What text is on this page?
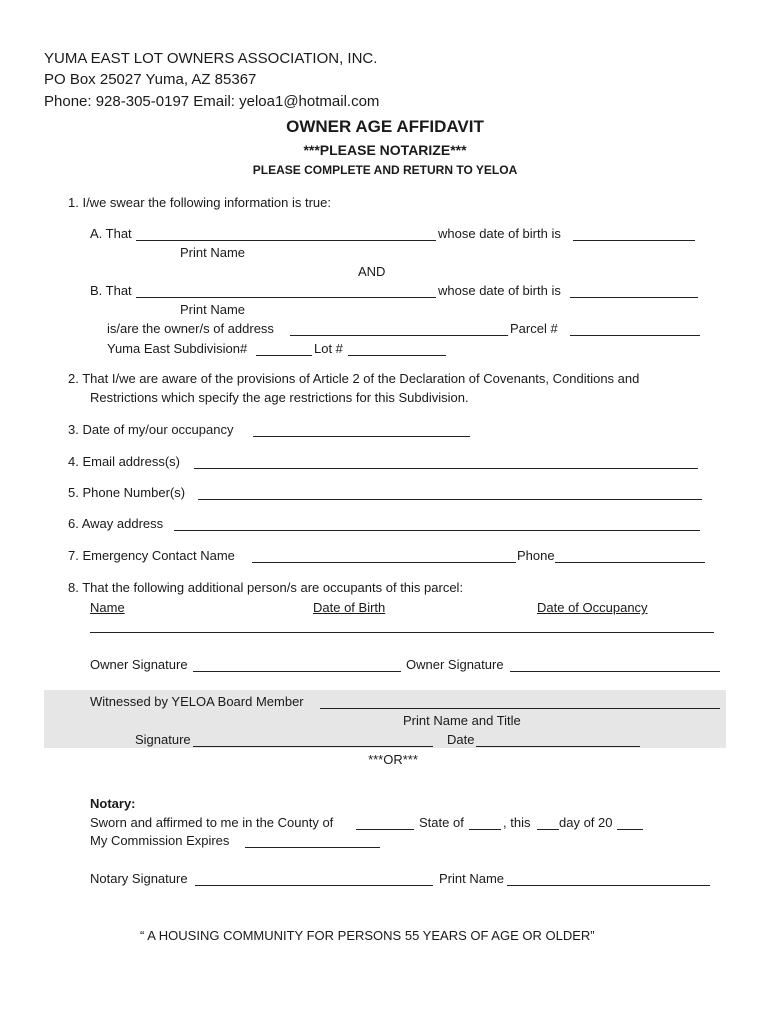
YUMA EAST LOT OWNERS ASSOCIATION, INC.
PO Box 25027 Yuma, AZ 85367
Phone: 928-305-0197 Email: yeloa1@hotmail.com
OWNER AGE AFFIDAVIT
***PLEASE NOTARIZE***
PLEASE COMPLETE AND RETURN TO YELOA
1. I/we swear the following information is true:
A. That	whose date of birth is
Print Name
AND
B. That	whose date of birth is
Print Name
is/are the owner/s of address	Parcel #
Yuma East Subdivision#	Lot #
2. That I/we are aware of the provisions of Article 2 of the Declaration of Covenants, Conditions and
Restrictions which specify the age restrictions for this Subdivision.
3. Date of my/our occupancy
4. Email address(s)
5. Phone Number(s)
6. Away address
7. Emergency Contact Name	Phone
8. That the following additional person/s are occupants of this parcel:
Name	Date of Birth	Date of Occupancy
Owner Signature	Owner Signature
Witnessed by YELOA Board Member
Print Name and Title
Signature	Date
***OR***
Notary:
Sworn and affirmed to me in the County of	State of	, this day of 20
My Commission Expires
Notary Signature	Print Name
“ A HOUSING COMMUNITY FOR PERSONS 55 YEARS OF AGE OR OLDER”
